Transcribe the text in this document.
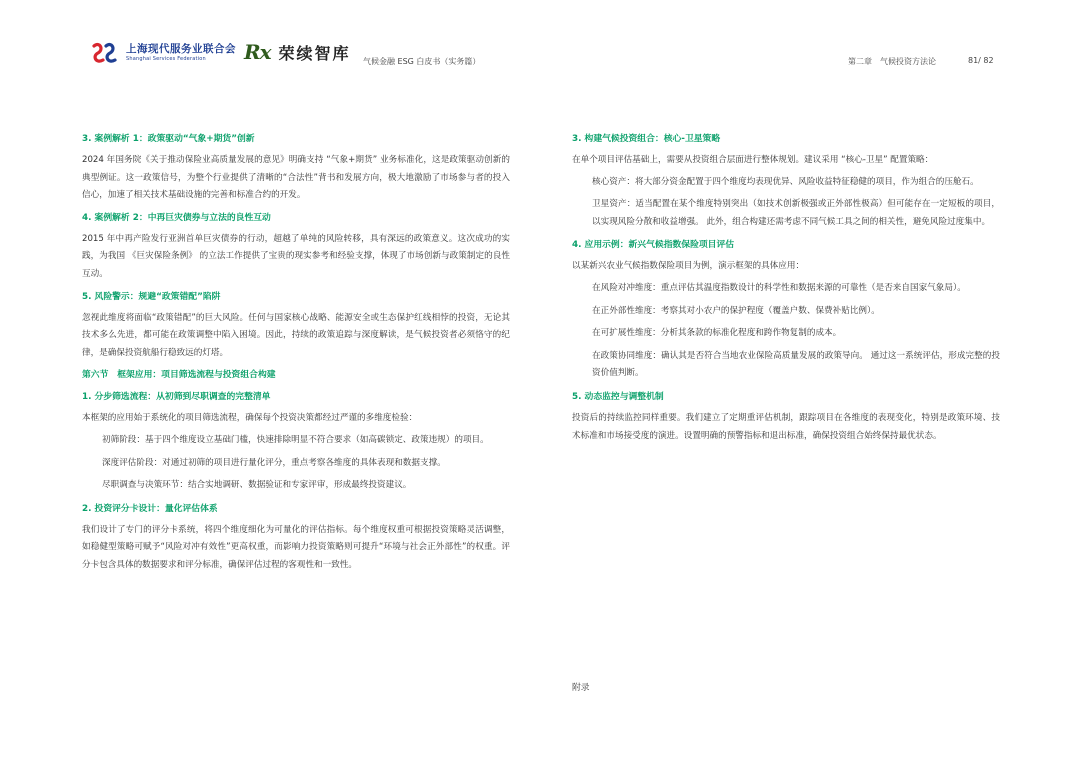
上海现代服务业联合会
Shanghai Services Federation	Rx 荣续智库 气候金融 ESG 白皮书（实务篇）	第二章　气候投资方法论	81/ 82
3. 案例解析 1：政策驱动“气象+期货”创新
2024 年国务院《关于推动保险业高质量发展的意见》明确支持 “气象+期货” 业务标准化，这是政策驱动创新的典型例证。这一政策信号，为整个行业提供了清晰的“合法性”背书和发展方向，极大地激励了市场参与者的投入信心，加速了相关技术基础设施的完善和标准合约的开发。
4. 案例解析 2：中再巨灾债券与立法的良性互动
2015 年中再产险发行亚洲首单巨灾债券的行动，超越了单纯的风险转移，具有深远的政策意义。这次成功的实践，为我国 《巨灾保险条例》 的立法工作提供了宝贵的现实参考和经验支撑，体现了市场创新与政策制定的良性互动。
5. 风险警示：规避“政策错配”陷阱
忽视此维度将面临“政策错配”的巨大风险。任何与国家核心战略、能源安全或生态保护红线相悖的投资，无论其技术多么先进，都可能在政策调整中陷入困境。因此，持续的政策追踪与深度解读，是气候投资者必须恪守的纪律，是确保投资航船行稳致远的灯塔。
第六节　框架应用：项目筛选流程与投资组合构建
1. 分步筛选流程：从初筛到尽职调查的完整清单
本框架的应用始于系统化的项目筛选流程，确保每个投资决策都经过严谨的多维度检验：
初筛阶段：基于四个维度设立基础门槛，快速排除明显不符合要求（如高碳锁定、政策违规）的项目。
深度评估阶段：对通过初筛的项目进行量化评分，重点考察各维度的具体表现和数据支撑。
尽职调查与决策环节：结合实地调研、数据验证和专家评审，形成最终投资建议。
2. 投资评分卡设计：量化评估体系
我们设计了专门的评分卡系统，将四个维度细化为可量化的评估指标。每个维度权重可根据投资策略灵活调整，如稳健型策略可赋予“风险对冲有效性”更高权重，而影响力投资策略则可提升“环境与社会正外部性”的权重。评分卡包含具体的数据要求和评分标准，确保评估过程的客观性和一致性。
3. 构建气候投资组合：核心-卫星策略
在单个项目评估基础上，需要从投资组合层面进行整体规划。建议采用 “核心-卫星” 配置策略：
核心资产：将大部分资金配置于四个维度均表现优异、风险收益特征稳健的项目，作为组合的压舱石。
卫星资产：适当配置在某个维度特别突出（如技术创新极强或正外部性极高）但可能存在一定短板的项目，以实现风险分散和收益增强。 此外，组合构建还需考虑不同气候工具之间的相关性，避免风险过度集中。
4. 应用示例：新兴气候指数保险项目评估
以某新兴农业气候指数保险项目为例，演示框架的具体应用：
在风险对冲维度：重点评估其温度指数设计的科学性和数据来源的可靠性（是否来自国家气象局）。
在正外部性维度：考察其对小农户的保护程度（覆盖户数、保费补贴比例）。
在可扩展性维度：分析其条款的标准化程度和跨作物复制的成本。
在政策协同维度：确认其是否符合当地农业保险高质量发展的政策导向。 通过这一系统评估，形成完整的投资价值判断。
5. 动态监控与调整机制
投资后的持续监控同样重要。我们建立了定期重评估机制，跟踪项目在各维度的表现变化，特别是政策环境、技术标准和市场接受度的演进。设置明确的预警指标和退出标准，确保投资组合始终保持最优状态。
附录
